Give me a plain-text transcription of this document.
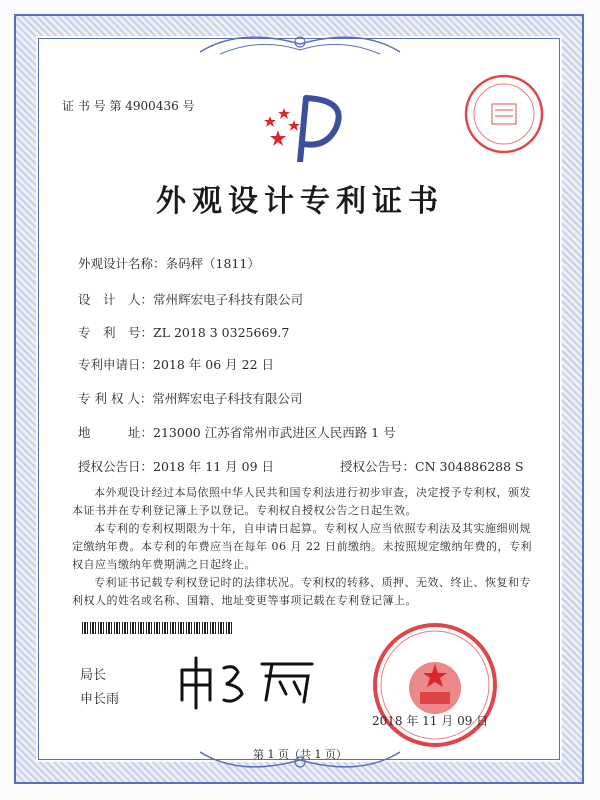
证 书 号 第 4900436 号
外观设计专利证书
外观设计名称：条码秤（1811）
设　计　人：常州辉宏电子科技有限公司
专　利　号：ZL 2018 3 0325669.7
专利申请日：2018 年 06 月 22 日
专 利 权 人：常州辉宏电子科技有限公司
地　　　址：213000 江苏省常州市武进区人民西路 1 号
授权公告日：2018 年 11 月 09 日	授权公告号：CN 304886288 S
本外观设计经过本局依照中华人民共和国专利法进行初步审查，决定授予专利权，颁发本证书并在专利登记簿上予以登记。专利权自授权公告之日起生效。
本专利的专利权期限为十年，自申请日起算。专利权人应当依照专利法及其实施细则规定缴纳年费。本专利的年费应当在每年 06 月 22 日前缴纳。未按照规定缴纳年费的，专利权自应当缴纳年费期满之日起终止。
专利证书记载专利权登记时的法律状况。专利权的转移、质押、无效、终止、恢复和专利权人的姓名或名称、国籍、地址变更等事项记载在专利登记簿上。
局长
申长雨
2018 年 11 月 09 日
第 1 页（共 1 页）
